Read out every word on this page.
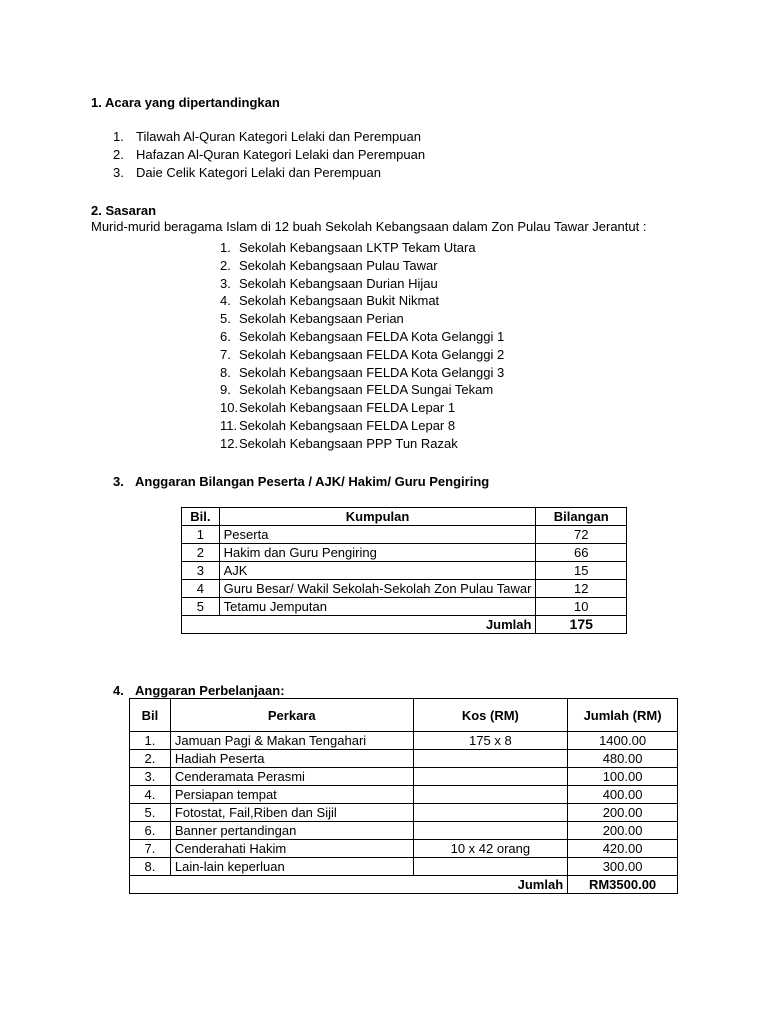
1. Acara yang dipertandingkan
1. Tilawah Al-Quran Kategori Lelaki dan Perempuan
2. Hafazan Al-Quran Kategori Lelaki dan Perempuan
3. Daie Celik Kategori Lelaki dan Perempuan
2. Sasaran
Murid-murid beragama Islam di 12 buah Sekolah Kebangsaan dalam Zon Pulau Tawar Jerantut :
1. Sekolah Kebangsaan LKTP Tekam Utara
2. Sekolah Kebangsaan Pulau Tawar
3. Sekolah Kebangsaan Durian Hijau
4. Sekolah Kebangsaan Bukit Nikmat
5. Sekolah Kebangsaan Perian
6. Sekolah Kebangsaan FELDA Kota Gelanggi 1
7. Sekolah Kebangsaan FELDA Kota Gelanggi 2
8. Sekolah Kebangsaan FELDA Kota Gelanggi 3
9. Sekolah Kebangsaan FELDA Sungai Tekam
10.Sekolah Kebangsaan FELDA Lepar 1
11. Sekolah Kebangsaan FELDA Lepar 8
12.Sekolah Kebangsaan PPP Tun Razak
3. Anggaran Bilangan Peserta / AJK/ Hakim/ Guru Pengiring
Bil.	Kumpulan	Bilangan
1	Peserta	72
2	Hakim dan Guru Pengiring	66
3	AJK	15
4	Guru Besar/ Wakil Sekolah-Sekolah Zon Pulau Tawar	12
5	Tetamu Jemputan	10
Jumlah		175
4. Anggaran Perbelanjaan:
Bil	Perkara	Kos (RM)	Jumlah (RM)
1.	Jamuan Pagi & Makan Tengahari	175 x 8	1400.00
2.	Hadiah Peserta		480.00
3.	Cenderamata Perasmi		100.00
4.	Persiapan tempat		400.00
5.	Fotostat, Fail,Riben dan Sijil		200.00
6.	Banner pertandingan		200.00
7.	Cenderahati Hakim	10 x 42 orang	420.00
8.	Lain-lain keperluan		300.00
Jumlah			RM3500.00
